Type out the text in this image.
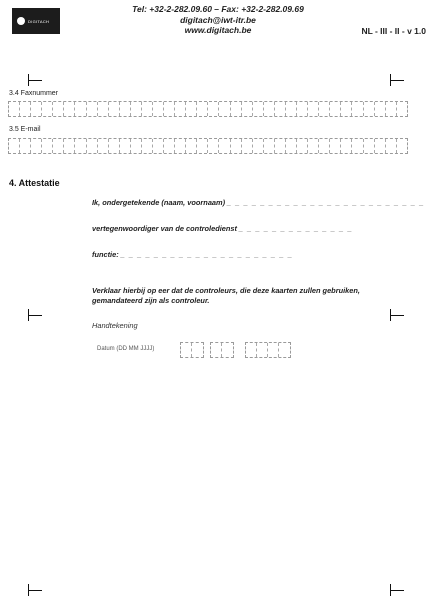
DIGITACH
Tel: +32-2-282.09.60 – Fax: +32-2-282.09.69
digitach@iwt-itr.be
www.digitach.be	NL - III - II - v 1.0
3.4 Faxnummer
3.5 E-mail
4. Attestatie
Ik, ondergetekende (naam, voornaam) _ _ _ _ _ _ _ _ _ _ _ _ _ _ _ _ _ _ _ _ _ _ _ _
vertegenwoordiger van de controledienst _ _ _ _ _ _ _ _ _ _ _ _ _ _
functie: _ _ _ _ _ _ _ _ _ _ _ _ _ _ _ _ _ _ _ _ _
Verklaar hierbij op eer dat de controleurs, die deze kaarten zullen gebruiken, gemandateerd zijn als controleur.
Handtekening
Datum (DD MM JJJJ)
